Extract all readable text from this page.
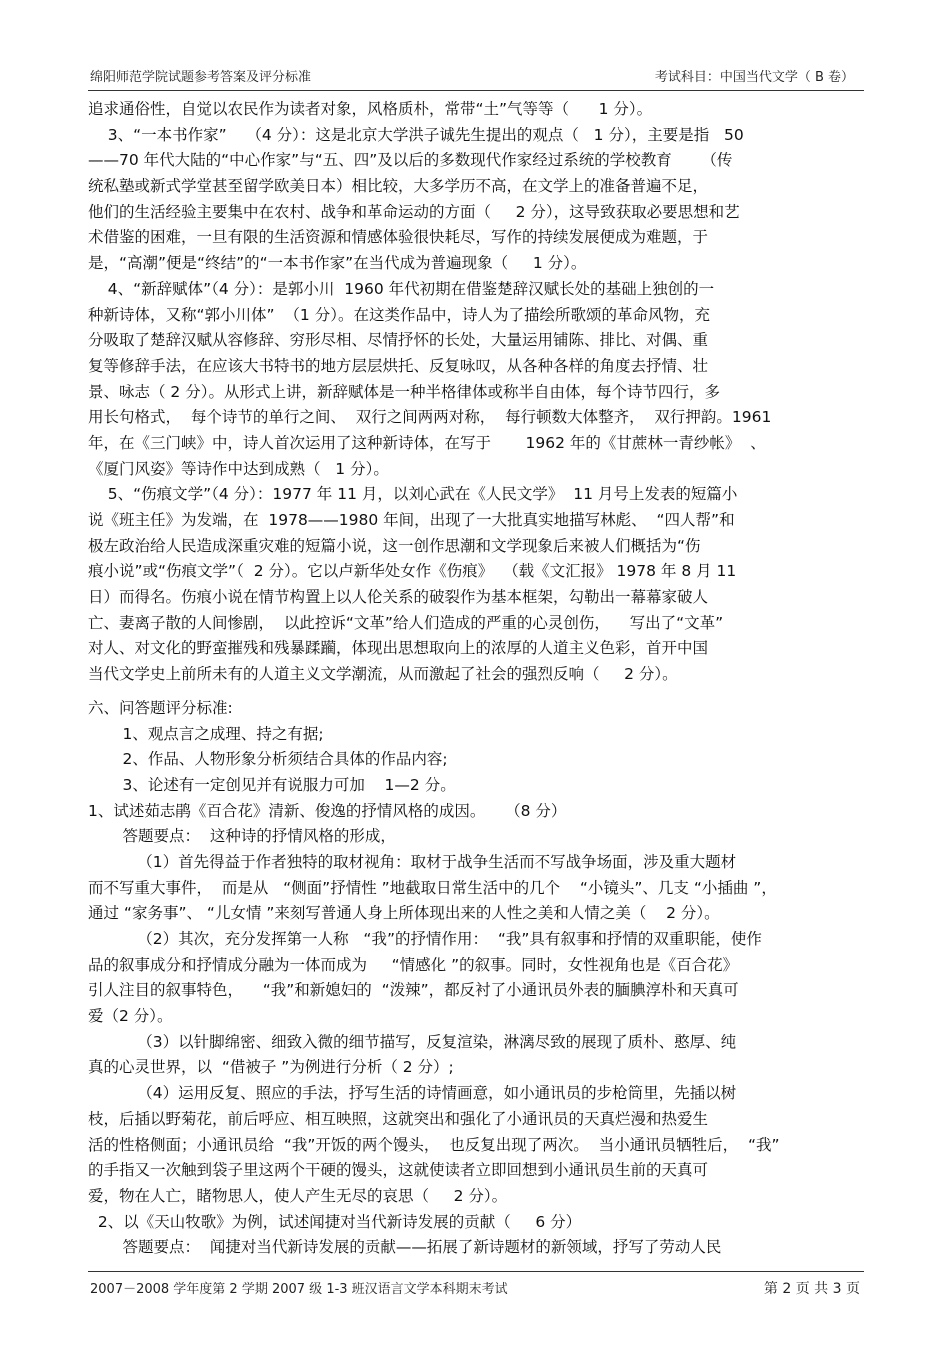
绵阳师范学院试题参考答案及评分标准	考试科目：中国当代文学（ B 卷）
追求通俗性，自觉以农民作为读者对象，风格质朴，常带“土”气等等（      1 分）。
3、“一本书作家”    （4 分）：这是北京大学洪子诚先生提出的观点（   1 分），主要是指   50
——70 年代大陆的“中心作家”与“五、四”及以后的多数现代作家经过系统的学校教育      （传
统私塾或新式学堂甚至留学欧美日本）相比较，大多学历不高，在文学上的准备普遍不足，
他们的生活经验主要集中在农村、战争和革命运动的方面（     2 分），这导致获取必要思想和艺
术借鉴的困难，一旦有限的生活资源和情感体验很快耗尽，写作的持续发展便成为难题，于
是，“高潮”便是“终结”的“一本书作家”在当代成为普遍现象（     1 分）。
4、“新辞赋体”（4 分）：是郭小川  1960 年代初期在借鉴楚辞汉赋长处的基础上独创的一
种新诗体，又称“郭小川体”  （1 分）。在这类作品中，诗人为了描绘所歌颂的革命风物，充
分吸取了楚辞汉赋从容修辞、穷形尽相、尽情抒怀的长处，大量运用铺陈、排比、对偶、重
复等修辞手法，在应该大书特书的地方层层烘托、反复咏叹，从各种各样的角度去抒情、壮
景、咏志（ 2 分）。从形式上讲，新辞赋体是一种半格律体或称半自由体，每个诗节四行，多
用长句格式，  每个诗节的单行之间、  双行之间两两对称，  每行顿数大体整齐，  双行押韵。1961
年，在《三门峡》中，诗人首次运用了这种新诗体，在写于       1962 年的《甘蔗林一青纱帐》  、
《厦门风姿》等诗作中达到成熟（   1 分）。
5、“伤痕文学”（4 分）：1977 年 11 月，以刘心武在《人民文学》  11 月号上发表的短篇小
说《班主任》为发端，在  1978——1980 年间，出现了一大批真实地描写林彪、  “四人帮”和
极左政治给人民造成深重灾难的短篇小说，这一创作思潮和文学现象后来被人们概括为“伤
痕小说”或“伤痕文学”（  2 分）。它以卢新华处女作《伤痕》  （载《文汇报》 1978 年 8 月 11
日）而得名。伤痕小说在情节构置上以人伦关系的破裂作为基本框架，勾勒出一幕幕家破人
亡、妻离子散的人间惨剧，  以此控诉“文革”给人们造成的严重的心灵创伤，    写出了“文革”
对人、对文化的野蛮摧残和残暴蹂躏，体现出思想取向上的浓厚的人道主义色彩，首开中国
当代文学史上前所未有的人道主义文学潮流，从而激起了社会的强烈反响（     2 分）。
六、问答题评分标准:
1、观点言之成理、持之有据;
2、作品、人物形象分析须结合具体的作品内容;
3、论述有一定创见并有说服力可加    1—2 分。
1、试述茹志鹃《百合花》清新、俊逸的抒情风格的成因。    （8 分）
答题要点：  这种诗的抒情风格的形成，
（1）首先得益于作者独特的取材视角：取材于战争生活而不写战争场面，涉及重大题材
而不写重大事件，  而是从   “侧面”抒情性 ”地截取日常生活中的几个    “小镜头”、几支 “小插曲 ”，
通过 “家务事”、 “儿女情 ”来刻写普通人身上所体现出来的人性之美和人情之美（    2 分）。
（2）其次，充分发挥第一人称   “我”的抒情作用：  “我”具有叙事和抒情的双重职能，使作
品的叙事成分和抒情成分融为一体而成为     “情感化 ”的叙事。同时，女性视角也是《百合花》
引人注目的叙事特色，    “我”和新媳妇的  “泼辣”，都反衬了小通讯员外表的腼腆淳朴和天真可
爱（2 分）。
（3）以针脚绵密、细致入微的细节描写，反复渲染，淋漓尽致的展现了质朴、憨厚、纯
真的心灵世界，以  “借被子 ”为例进行分析（ 2 分）;
（4）运用反复、照应的手法，抒写生活的诗情画意，如小通讯员的步枪筒里，先插以树
枝，后插以野菊花，前后呼应、相互映照，这就突出和强化了小通讯员的天真烂漫和热爱生
活的性格侧面；小通讯员给  “我”开饭的两个馒头，  也反复出现了两次。  当小通讯员牺牲后，  “我”
的手指又一次触到袋子里这两个干硬的馒头，这就使读者立即回想到小通讯员生前的天真可
爱，物在人亡，睹物思人，使人产生无尽的哀思（     2 分）。
2、以《天山牧歌》为例，试述闻捷对当代新诗发展的贡献（     6 分）
答题要点：  闻捷对当代新诗发展的贡献——拓展了新诗题材的新领域，抒写了劳动人民
2007－2008 学年度第 2 学期 2007 级 1-3 班汉语言文学本科期末考试	第 2 页 共 3 页
